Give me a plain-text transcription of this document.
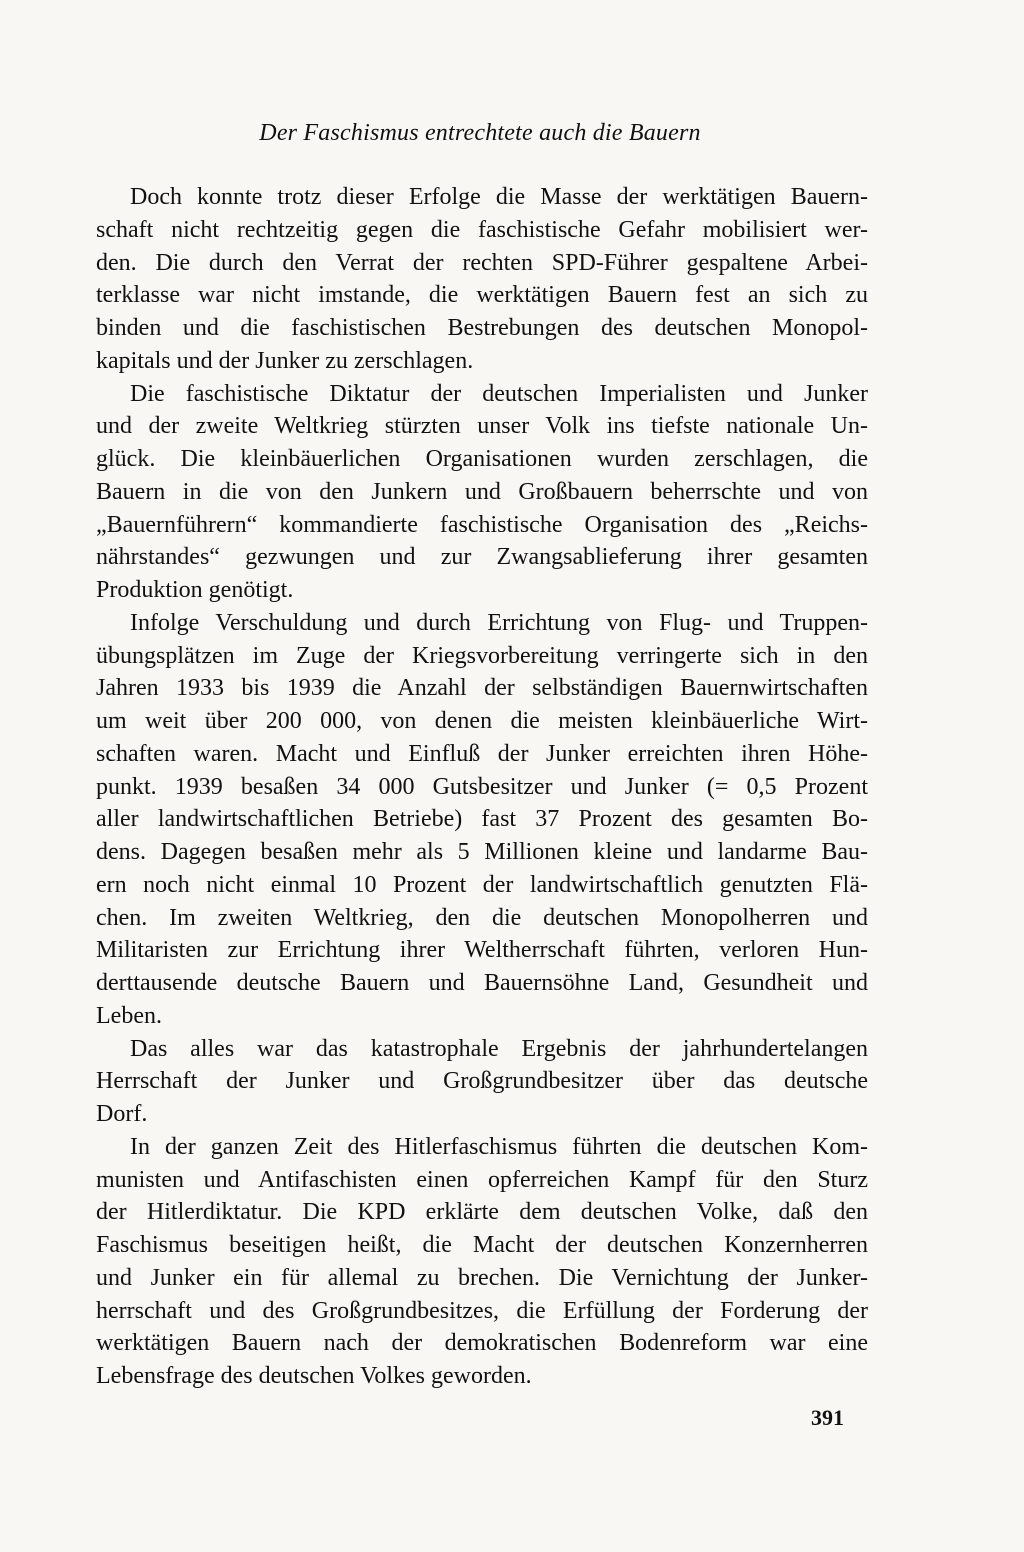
Der Faschismus entrechtete auch die Bauern
Doch konnte trotz dieser Erfolge die Masse der werktätigen Bauern-
schaft nicht rechtzeitig gegen die faschistische Gefahr mobilisiert wer-
den. Die durch den Verrat der rechten SPD-Führer gespaltene Arbei-
terklasse war nicht imstande, die werktätigen Bauern fest an sich zu
binden und die faschistischen Bestrebungen des deutschen Monopol-
kapitals und der Junker zu zerschlagen.
Die faschistische Diktatur der deutschen Imperialisten und Junker
und der zweite Weltkrieg stürzten unser Volk ins tiefste nationale Un-
glück. Die kleinbäuerlichen Organisationen wurden zerschlagen, die
Bauern in die von den Junkern und Großbauern beherrschte und von
„Bauernführern“ kommandierte faschistische Organisation des „Reichs-
nährstandes“ gezwungen und zur Zwangsablieferung ihrer gesamten
Produktion genötigt.
Infolge Verschuldung und durch Errichtung von Flug- und Truppen-
übungsplätzen im Zuge der Kriegsvorbereitung verringerte sich in den
Jahren 1933 bis 1939 die Anzahl der selbständigen Bauernwirtschaften
um weit über 200 000, von denen die meisten kleinbäuerliche Wirt-
schaften waren. Macht und Einfluß der Junker erreichten ihren Höhe-
punkt. 1939 besaßen 34 000 Gutsbesitzer und Junker (= 0,5 Prozent
aller landwirtschaftlichen Betriebe) fast 37 Prozent des gesamten Bo-
dens. Dagegen besaßen mehr als 5 Millionen kleine und landarme Bau-
ern noch nicht einmal 10 Prozent der landwirtschaftlich genutzten Flä-
chen. Im zweiten Weltkrieg, den die deutschen Monopolherren und
Militaristen zur Errichtung ihrer Weltherrschaft führten, verloren Hun-
derttausende deutsche Bauern und Bauernsöhne Land, Gesundheit und
Leben.
Das alles war das katastrophale Ergebnis der jahrhundertelangen
Herrschaft der Junker und Großgrundbesitzer über das deutsche
Dorf.
In der ganzen Zeit des Hitlerfaschismus führten die deutschen Kom-
munisten und Antifaschisten einen opferreichen Kampf für den Sturz
der Hitlerdiktatur. Die KPD erklärte dem deutschen Volke, daß den
Faschismus beseitigen heißt, die Macht der deutschen Konzernherren
und Junker ein für allemal zu brechen. Die Vernichtung der Junker-
herrschaft und des Großgrundbesitzes, die Erfüllung der Forderung der
werktätigen Bauern nach der demokratischen Bodenreform war eine
Lebensfrage des deutschen Volkes geworden.
391
